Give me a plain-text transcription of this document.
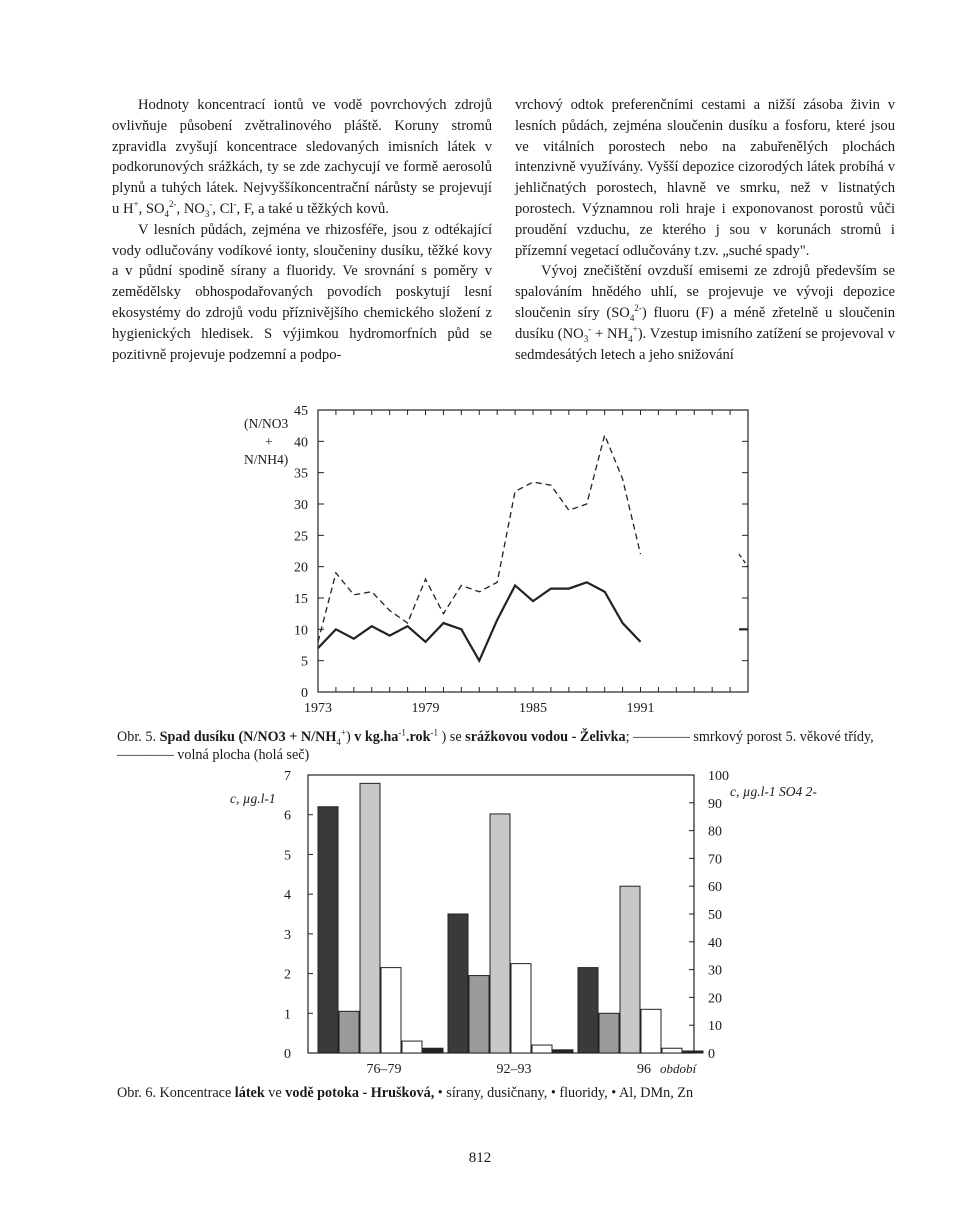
Hodnoty koncentrací iontů ve vodě povrchových zdrojů ovlivňuje působení zvětralinového pláště. Koruny stromů zpravidla zvyšují koncentrace sledovaných imisních látek v podkorunových srážkách, ty se zde zachycují ve formě aerosolů plynů a tuhých látek. Nejvyššíkoncentrační nárůsty se projevují u H+, $SO_4^{2-}$, $NO_3^-$, Cl-, F, a také u těžkých kovů.

V lesních půdách, zejména ve rhizosféře, jsou z odtékající vody odlučovány vodíkové ionty, sloučeniny dusíku, těžké kovy a v půdní spodině sírany a fluoridy. Ve srovnání s poměry v zemědělsky obhospodařovaných povodích poskytují lesní ekosystémy do zdrojů vodu příznivějšího chemického složení z hygienických hledisek. S výjimkou hydromorfních půd se pozitivně projevuje podzemní a podpo-

vrchový odtok preferenčními cestami a nižší zásoba živin v lesních půdách, zejména sloučenin dusíku a fosforu, které jsou ve vitálních porostech nebo na zabuřenělých plochách intenzivně využívány. Vyšší depozice cizorodých látek probíhá v jehličnatých porostech, hlavně ve smrku, než v listnatých porostech. Významnou roli hraje i exponovanost porostů vůči proudění vzduchu, ze kterého j sou v korunách stromů i přízemní vegetací odlučovány t.zv. „suché spady".

Vývoj znečištění ovzduší emisemi ze zdrojů především se spalováním hnědého uhlí, se projevuje ve vývoji depozice sloučenin síry $(SO_4^{2-})$ fluoru (F) a méně zřetelně u sloučenin dusíku $(NO_3^- + NH_4^+)$. Vzestup imisního zatížení se projevoval v sedmdesátých letech a jeho snižování

0
5
10
15
20
25
30
35
40
45
1973	1979	1985	1991
(N/NO3
+
N/NH4)
0
1
2
3
4
5
6
7
0
10
20
30
40
50
60
70
80
90
100
c, µg.l-1	c, µg.l-1 SO4 2-
76–79	92–93	96 období
Obr. 5. Spad dusíku $(N/NO3 + N/NH_4^+)$ v $kg.ha^{-1}.rok^{-1}$ ) se srážkovou vodou - Želivka; ———— smrkový porost 5. věkové třídy,
———— volná plocha (holá seč)
Obr. 6. Koncentrace látek ve vodě potoka - Hrušková, • sírany, dusičnany, • fluoridy, • Al, DMn, Zn
812
